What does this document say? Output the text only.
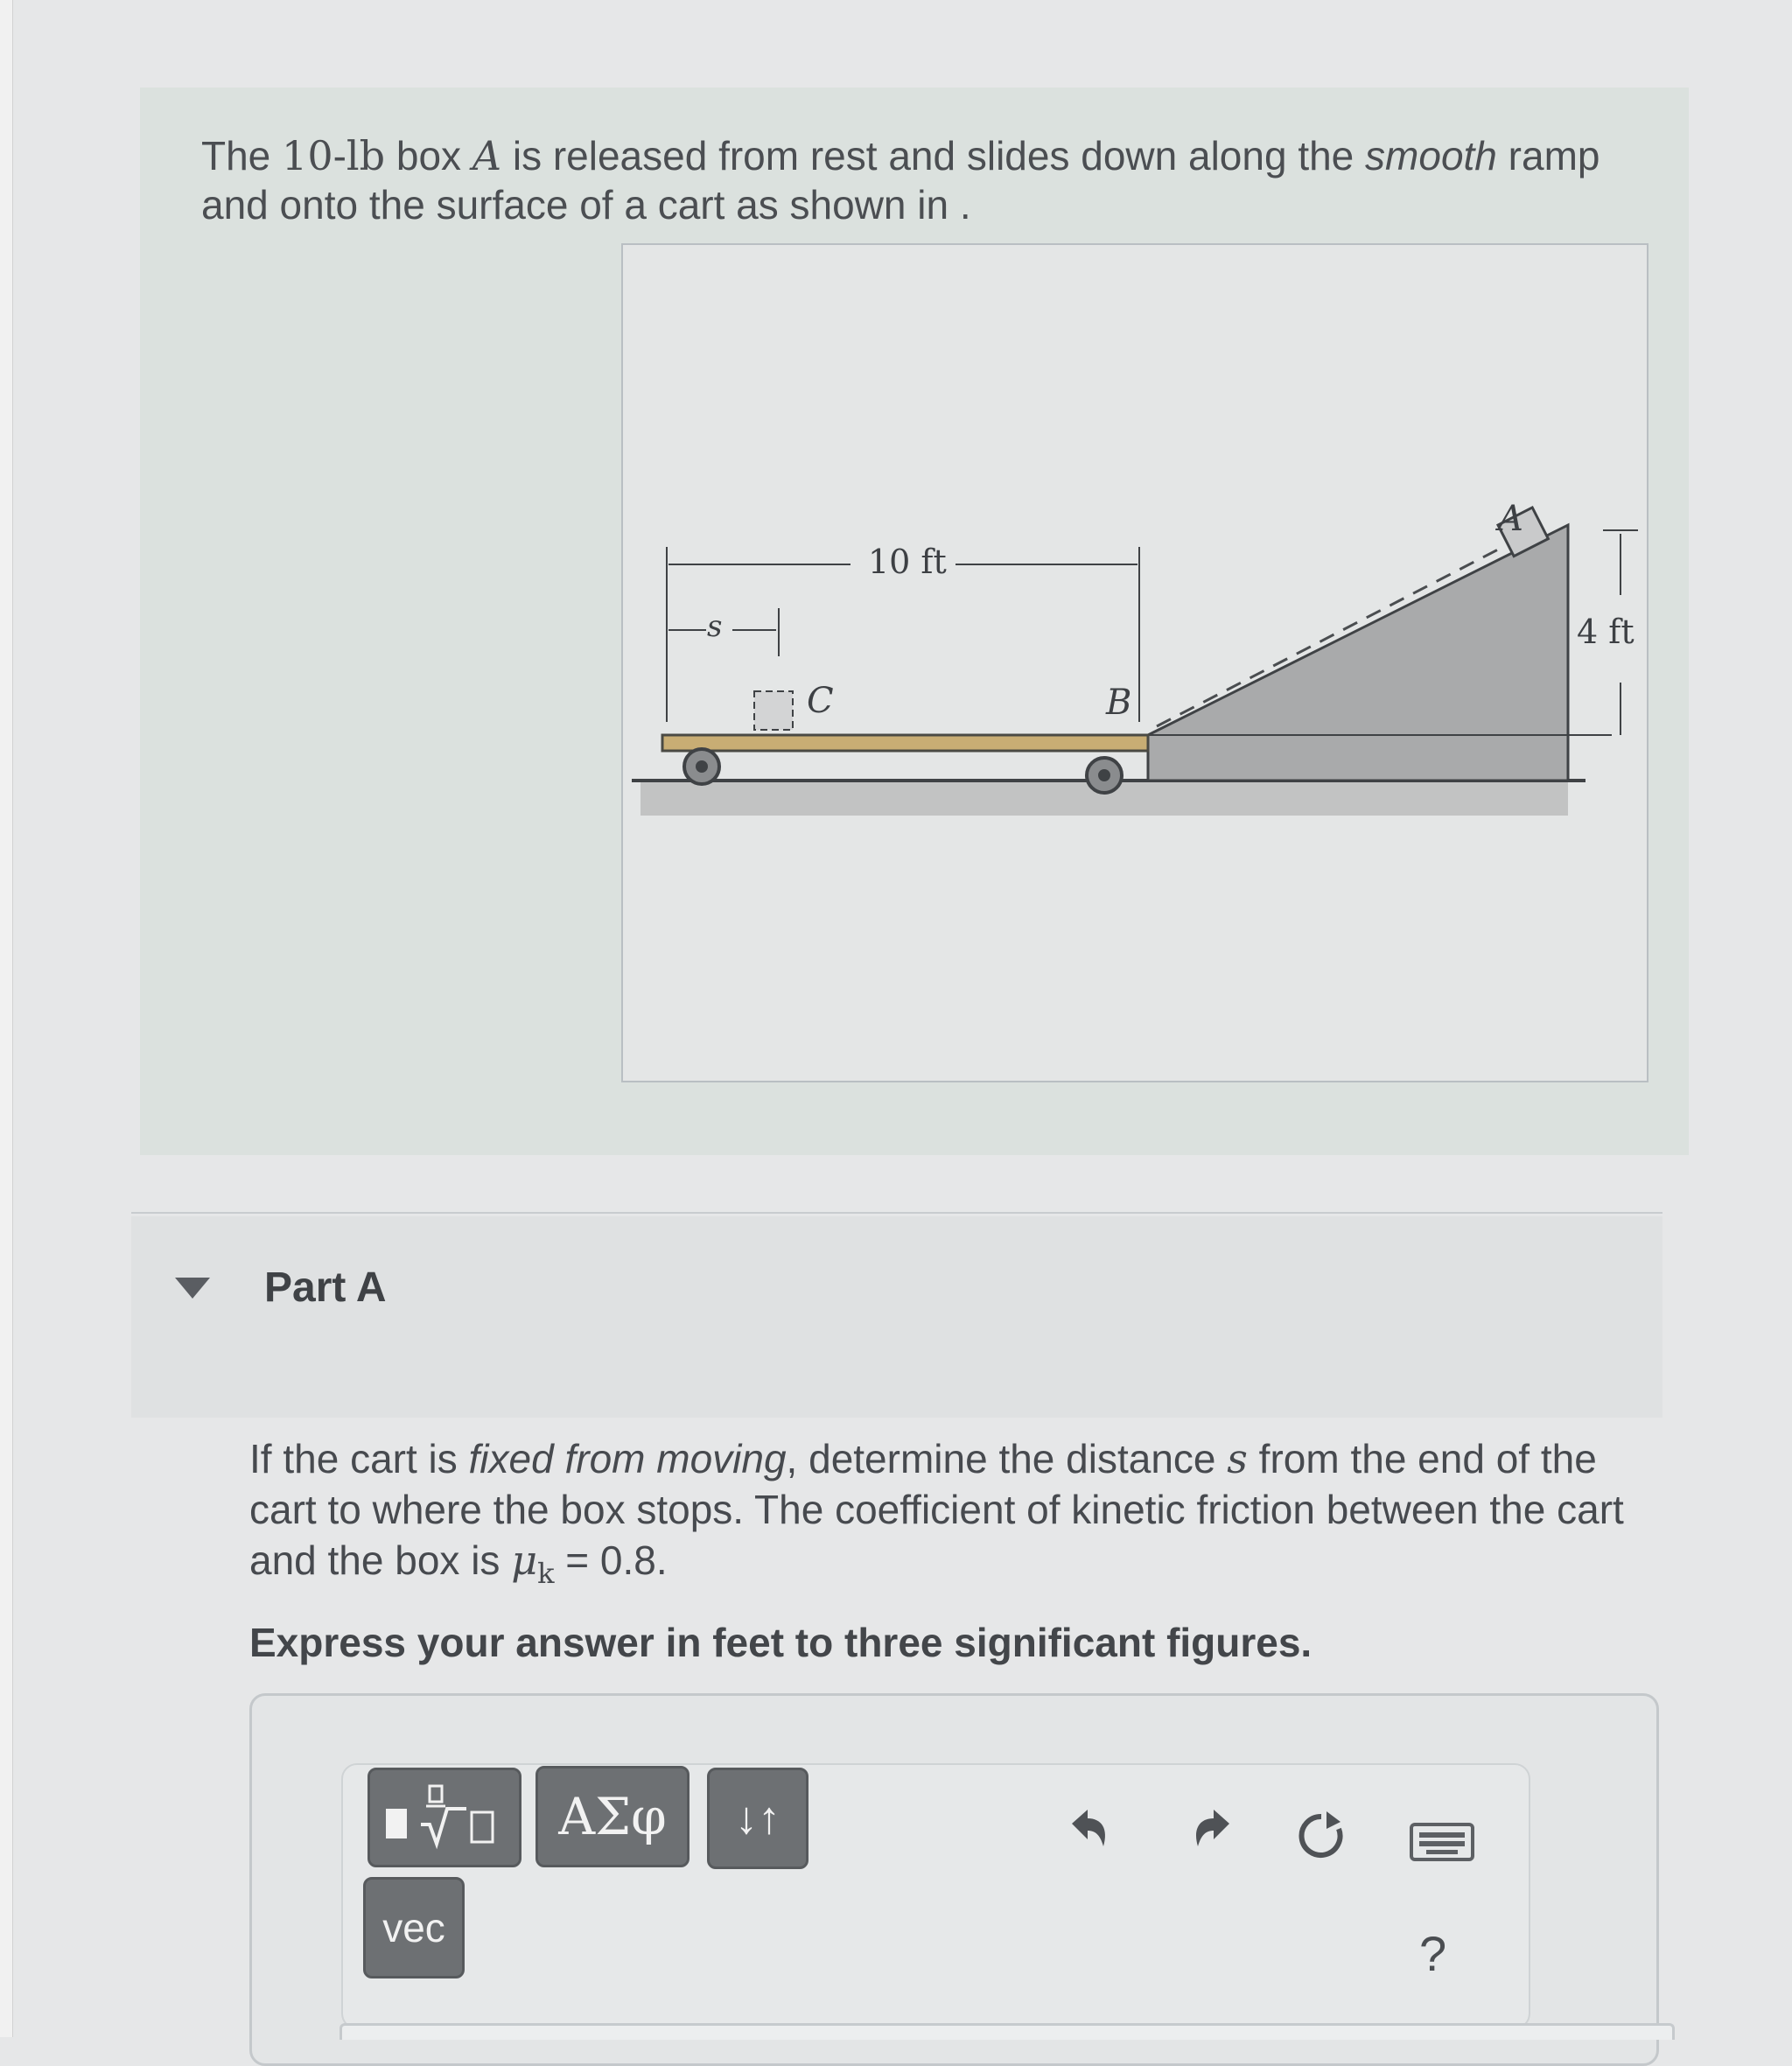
The 10-lb box A is released from rest and slides down along the smooth ramp and onto the surface of a cart as shown in .

A
10 ft
4 ft
s
C	B
Part A

If the cart is fixed from moving, determine the distance s from the end of the cart to where the box stops. The coefficient of kinetic friction between the cart and the box is $\mu_k = 0.8$.

Express your answer in feet to three significant figures.
ΑΣφ	↓↑
vec	?
